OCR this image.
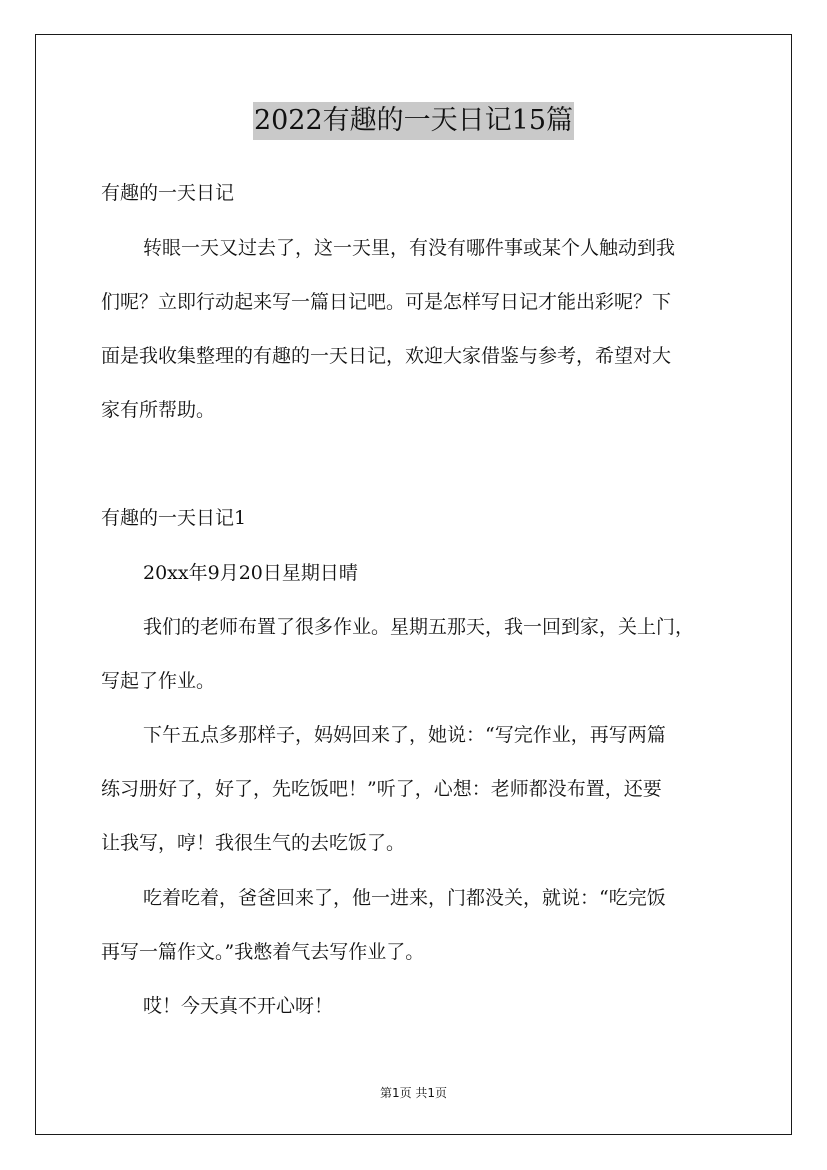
2022有趣的一天日记15篇
有趣的一天日记
转眼一天又过去了，这一天里，有没有哪件事或某个人触动到我
们呢？立即行动起来写一篇日记吧。可是怎样写日记才能出彩呢？下
面是我收集整理的有趣的一天日记，欢迎大家借鉴与参考，希望对大
家有所帮助。
有趣的一天日记1
20xx年9月20日星期日晴
我们的老师布置了很多作业。星期五那天，我一回到家，关上门，
写起了作业。
下午五点多那样子，妈妈回来了，她说：“写完作业，再写两篇
练习册好了，好了，先吃饭吧！”听了，心想：老师都没布置，还要
让我写，哼！我很生气的去吃饭了。
吃着吃着，爸爸回来了，他一进来，门都没关，就说：“吃完饭
再写一篇作文。”我憋着气去写作业了。
哎！今天真不开心呀！
第1页 共1页
